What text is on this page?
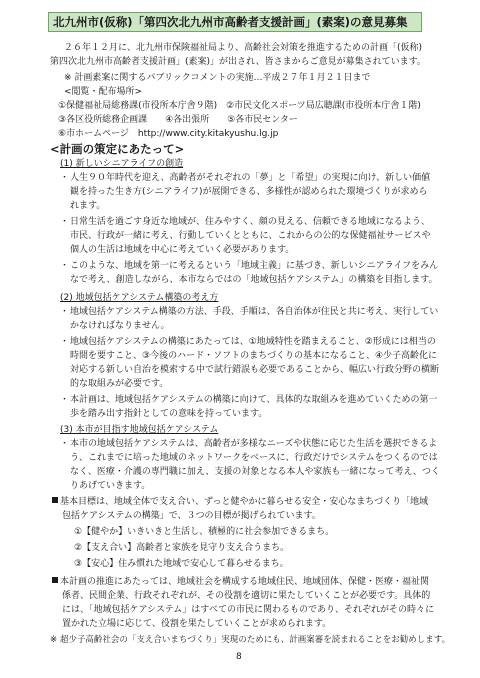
北九州市(仮称)「第四次北九州市高齢者支援計画」(素案)の意見募集
２６年１２月に、北九州市保険福祉局より、高齢社会対策を推進するための計画「(仮称)
第四次北九州市高齢者支援計画」(素案)」が出され、皆さまからご意見が募集されています。
※ 計画素案に関するパブリックコメントの実施…平成２７年１月２１日まで
<閲覧・配布場所>
①保健福祉局総務課(市役所本庁舎９階)　②市民文化スポーツ局広聴課(市役所本庁舎１階)
③各区役所総務企画課　　④各出張所　　⑤各市民センター
⑥市ホームページ　http://www.city.kitakyushu.lg.jp
<計画の策定にあたって>
(1) 新しいシニアライフの創造
・ 人生９０年時代を迎え、高齢者がそれぞれの「夢」と「希望」の実現に向け、新しい価値
観を持った生き方(シニアライフ)が展開できる、多様性が認められた環境づくりが求めら
れます。
・ 日常生活を過ごす身近な地域が、住みやすく、顔の見える、信頼できる地域になるよう、
市民、行政が一緒に考え、行動していくとともに、これからの公的な保健福祉サービスや
個人の生活は地域を中心に考えていく必要があります。
・ このような、地域を第一に考えるという「地域主義」に基づき、新しいシニアライフをみん
なで考え、創造しながら、本市ならではの「地域包括ケアシステム」の構築を目指します。
(2) 地域包括ケアシステム構築の考え方
・ 地域包括ケアシステム構築の方法、手段、手順は、各自治体が住民と共に考え、実行してい
かなければなりません。
・ 地域包括ケアシステムの構築にあたっては、①地域特性を踏まえること、②形成には相当の
時間を要すこと、③今後のハード・ソフトのまちづくりの基本になること、④少子高齢化に
対応する新しい自治を模索する中で試行錯誤も必要であることから、幅広い行政分野の横断
的な取組みが必要です。
・ 本計画は、地域包括ケアシステムの構築に向けて、具体的な取組みを進めていくための第一
歩を踏み出す指針としての意味を持っています。
(3) 本市が目指す地域包括ケアシステム
・ 本市の地域包括ケアシステムは、高齢者が多様なニーズや状態に応じた生活を選択できるよ
う、これまでに培った地域のネットワークをベースに、行政だけでシステムをつくるのでは
なく、医療・介護の専門職に加え、支援の対象となる本人や家族も一緒になって考え、つく
りあげていきます。
基本目標は、地域全体で支え合い、ずっと健やかに暮らせる安全・安心なまちづくり「地域
包括ケアシステムの構築」で、３つの目標が掲げられています。
①【健やか】いきいきと生活し、積極的に社会参加できるまち。
②【支え合い】高齢者と家族を見守り支え合うまち。
③【安心】住み慣れた地域で安心して暮らせるまち。
本計画の推進にあたっては、地域社会を構成する地域住民、地域団体、保健・医療・福祉関
係者、民間企業、行政それぞれが、その役割を適切に果たしていくことが必要です。具体的
には、「地域包括ケアシステム」はすべての市民に関わるものであり、それぞれがその時々に
置かれた立場に応じて、役割を果たしていくことが求められます。
※ 超少子高齢社会の「支え合いまちづくり」実現のためにも、計画案審を読まれることをお勧めします。
8
